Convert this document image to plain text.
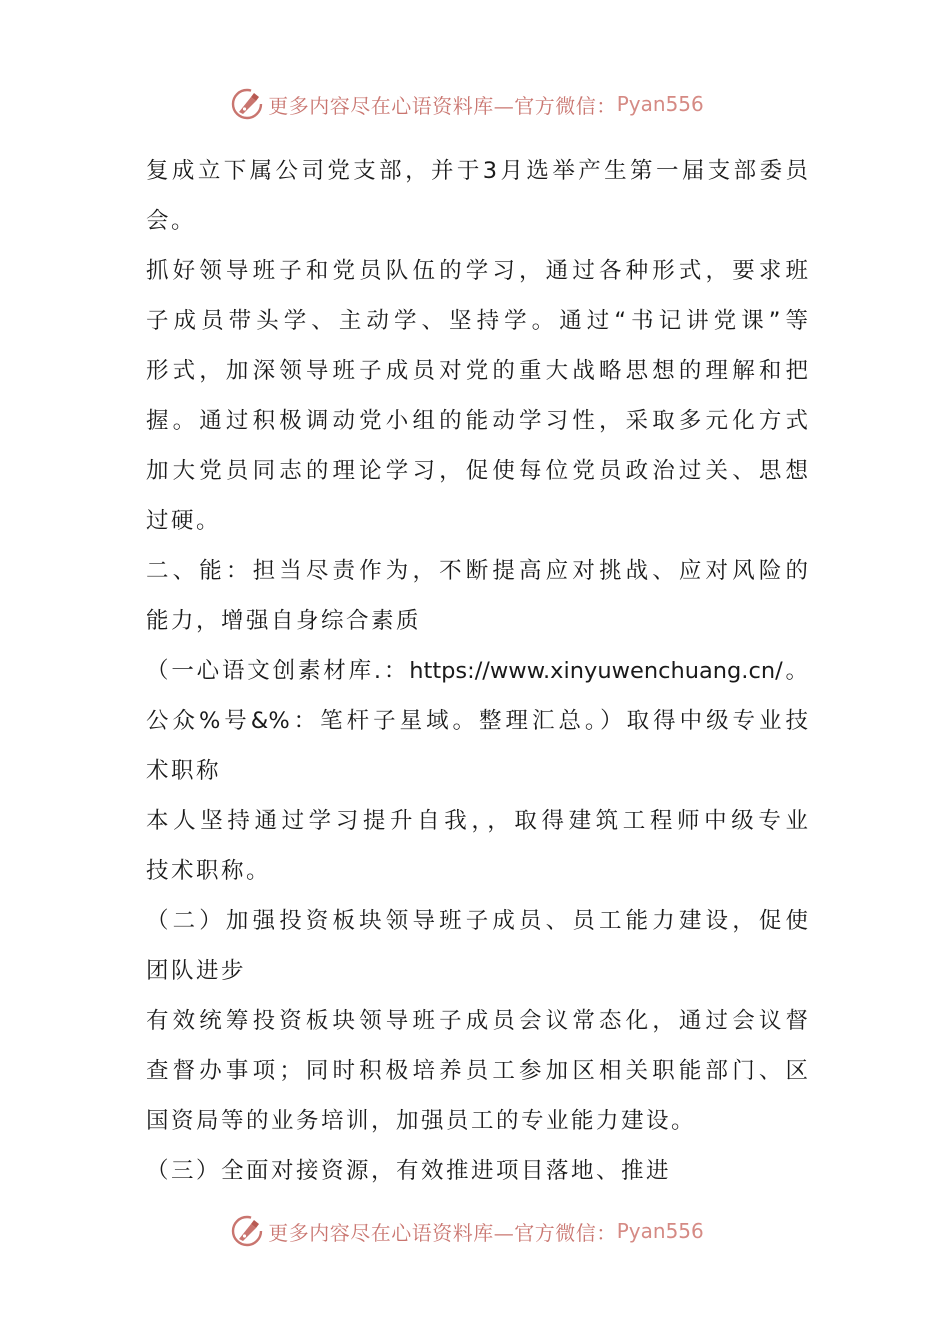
更多内容尽在心语资料库—官方微信： Pyan556
复成立下属公司党支部，并于3月选举产生第一届支部委员
会。
抓好领导班子和党员队伍的学习，通过各种形式，要求班
子成员带头学、主动学、坚持学。通过“书记讲党课”等
形式，加深领导班子成员对党的重大战略思想的理解和把
握。通过积极调动党小组的能动学习性，采取多元化方式
加大党员同志的理论学习，促使每位党员政治过关、思想
过硬。
二、能：担当尽责作为，不断提高应对挑战、应对风险的
能力，增强自身综合素质
（一心语文创素材库.：https://www.xinyuwenchuang.cn/。
公众%号&%：笔杆子星域。整理汇总。）取得中级专业技
术职称
本人坚持通过学习提升自我，，取得建筑工程师中级专业
技术职称。
（二）加强投资板块领导班子成员、员工能力建设，促使
团队进步
有效统筹投资板块领导班子成员会议常态化，通过会议督
查督办事项；同时积极培养员工参加区相关职能部门、区
国资局等的业务培训，加强员工的专业能力建设。
（三）全面对接资源，有效推进项目落地、推进
更多内容尽在心语资料库—官方微信： Pyan556
